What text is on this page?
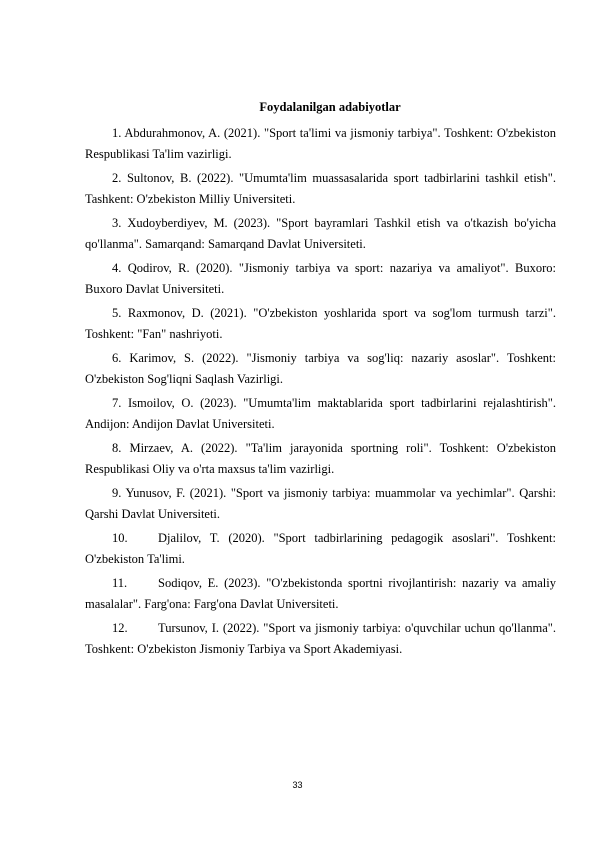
Foydalanilgan adabiyotlar
1. Abdurahmonov, A. (2021). "Sport ta'limi va jismoniy tarbiya". Toshkent: O'zbekiston Respublikasi Ta'lim vazirligi.
2. Sultonov, B. (2022). "Umumta'lim muassasalarida sport tadbirlarini tashkil etish". Tashkent: O'zbekiston Milliy Universiteti.
3. Xudoyberdiyev, M. (2023). "Sport bayramlari Tashkil etish va o'tkazish bo'yicha qo'llanma". Samarqand: Samarqand Davlat Universiteti.
4. Qodirov, R. (2020). "Jismoniy tarbiya va sport: nazariya va amaliyot". Buxoro: Buxoro Davlat Universiteti.
5. Raxmonov, D. (2021). "O'zbekiston yoshlarida sport va sog'lom turmush tarzi". Toshkent: "Fan" nashriyoti.
6. Karimov, S. (2022). "Jismoniy tarbiya va sog'liq: nazariy asoslar". Toshkent: O'zbekiston Sog'liqni Saqlash Vazirligi.
7. Ismoilov, O. (2023). "Umumta'lim maktablarida sport tadbirlarini rejalashtirish". Andijon: Andijon Davlat Universiteti.
8. Mirzaev, A. (2022). "Ta'lim jarayonida sportning roli". Toshkent: O'zbekiston Respublikasi Oliy va o'rta maxsus ta'lim vazirligi.
9. Yunusov, F. (2021). "Sport va jismoniy tarbiya: muammolar va yechimlar". Qarshi: Qarshi Davlat Universiteti.
10. Djalilov, T. (2020). "Sport tadbirlarining pedagogik asoslari". Toshkent: O'zbekiston Ta'limi.
11. Sodiqov, E. (2023). "O'zbekistonda sportni rivojlantirish: nazariy va amaliy masalalar". Farg'ona: Farg'ona Davlat Universiteti.
12. Tursunov, I. (2022). "Sport va jismoniy tarbiya: o'quvchilar uchun qo'llanma". Toshkent: O'zbekiston Jismoniy Tarbiya va Sport Akademiyasi.
33
